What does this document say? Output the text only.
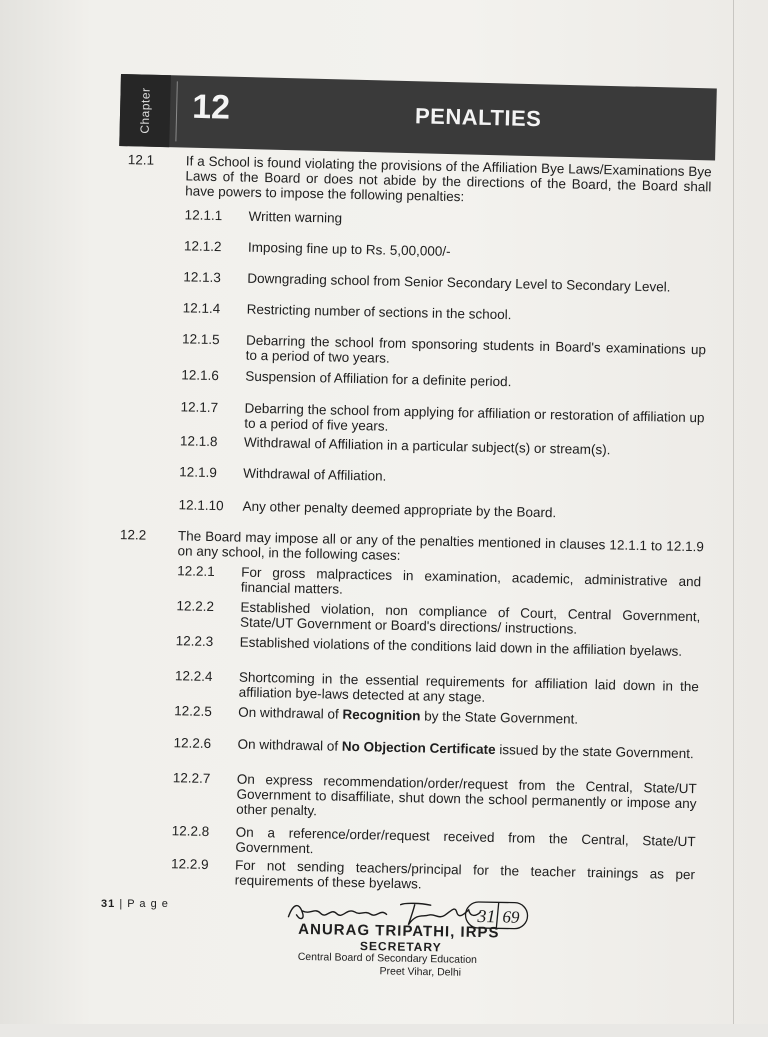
Chapter 12	PENALTIES
12.1 If a School is found violating the provisions of the Affiliation Bye Laws/Examinations Bye Laws of the Board or does not abide by the directions of the Board, the Board shall have powers to impose the following penalties:
12.1.1 Written warning
12.1.2 Imposing fine up to Rs. 5,00,000/-
12.1.3 Downgrading school from Senior Secondary Level to Secondary Level.
12.1.4 Restricting number of sections in the school.
12.1.5 Debarring the school from sponsoring students in Board's examinations up to a period of two years.
12.1.6 Suspension of Affiliation for a definite period.
12.1.7 Debarring the school from applying for affiliation or restoration of affiliation up to a period of five years.
12.1.8 Withdrawal of Affiliation in a particular subject(s) or stream(s).
12.1.9 Withdrawal of Affiliation.
12.1.10 Any other penalty deemed appropriate by the Board.
12.2 The Board may impose all or any of the penalties mentioned in clauses 12.1.1 to 12.1.9 on any school, in the following cases:
12.2.1 For gross malpractices in examination, academic, administrative and financial matters.
12.2.2 Established violation, non compliance of Court, Central Government, State/UT Government or Board's directions/ instructions.
12.2.3 Established violations of the conditions laid down in the affiliation byelaws.
12.2.4 Shortcoming in the essential requirements for affiliation laid down in the affiliation bye-laws detected at any stage.
12.2.5 On withdrawal of Recognition by the State Government.
12.2.6 On withdrawal of No Objection Certificate issued by the state Government.
12.2.7 On express recommendation/order/request from the Central, State/UT Government to disaffiliate, shut down the school permanently or impose any other penalty.
12.2.8 On a reference/order/request received from the Central, State/UT Government.
12.2.9 For not sending teachers/principal for the teacher trainings as per requirements of these byelaws.
31 | P a g e
31 69
ANURAG TRIPATHI, IRPS
SECRETARY
Central Board of Secondary Education
Preet Vihar, Delhi
